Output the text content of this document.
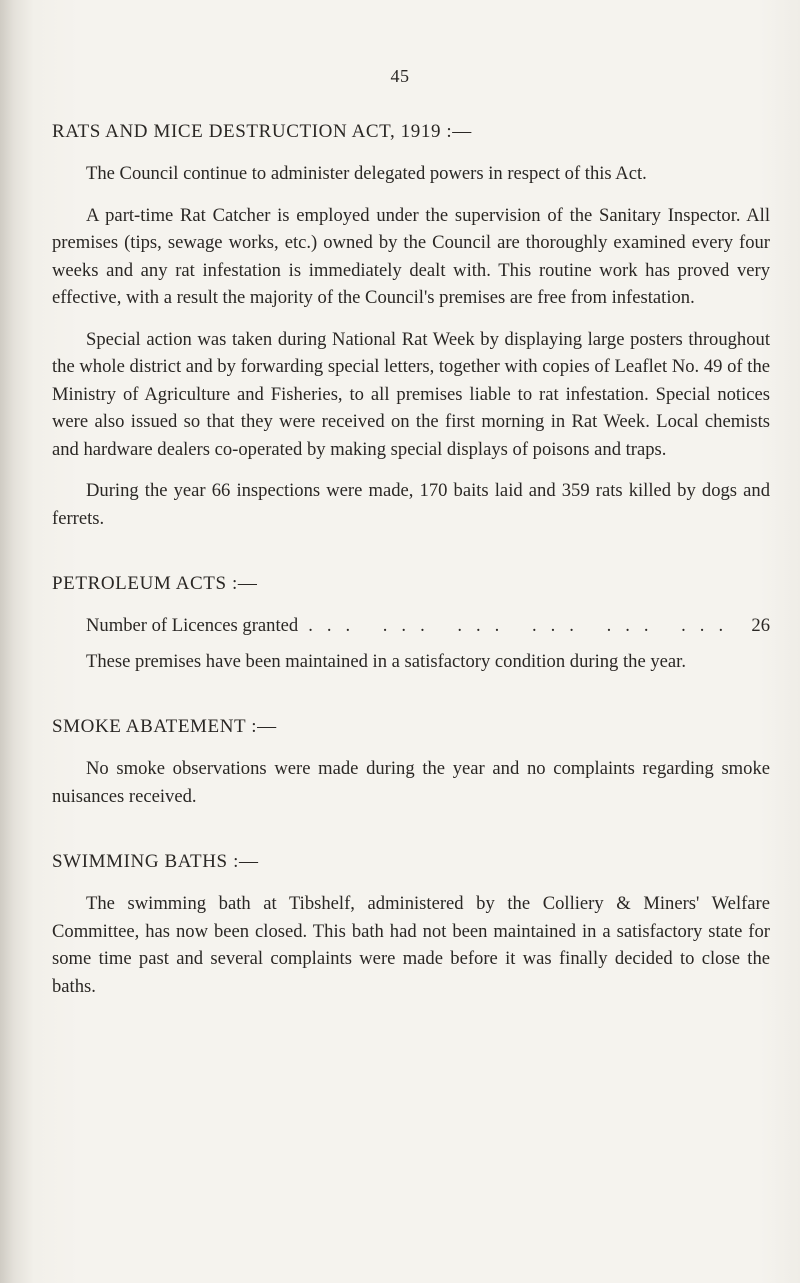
45
RATS AND MICE DESTRUCTION ACT, 1919 :—

The Council continue to administer delegated powers in respect of this Act.

A part-time Rat Catcher is employed under the supervision of the Sanitary Inspector. All premises (tips, sewage works, etc.) owned by the Council are thoroughly examined every four weeks and any rat infestation is immediately dealt with. This routine work has proved very effective, with a result the majority of the Council's premises are free from infestation.

Special action was taken during National Rat Week by displaying large posters throughout the whole district and by forwarding special letters, together with copies of Leaflet No. 49 of the Ministry of Agriculture and Fisheries, to all premises liable to rat infestation. Special notices were also issued so that they were received on the first morning in Rat Week. Local chemists and hardware dealers co-operated by making special displays of poisons and traps.

During the year 66 inspections were made, 170 baits laid and 359 rats killed by dogs and ferrets.

PETROLEUM ACTS :—
Number of Licences granted
... .	26

These premises have been maintained in a satisfactory condition during the year.

SMOKE ABATEMENT :—

No smoke observations were made during the year and no complaints regarding smoke nuisances received.

SWIMMING BATHS :—

The swimming bath at Tibshelf, administered by the Colliery & Miners' Welfare Committee, has now been closed. This bath had not been maintained in a satisfactory state for some time past and several complaints were made before it was finally decided to close the baths.
